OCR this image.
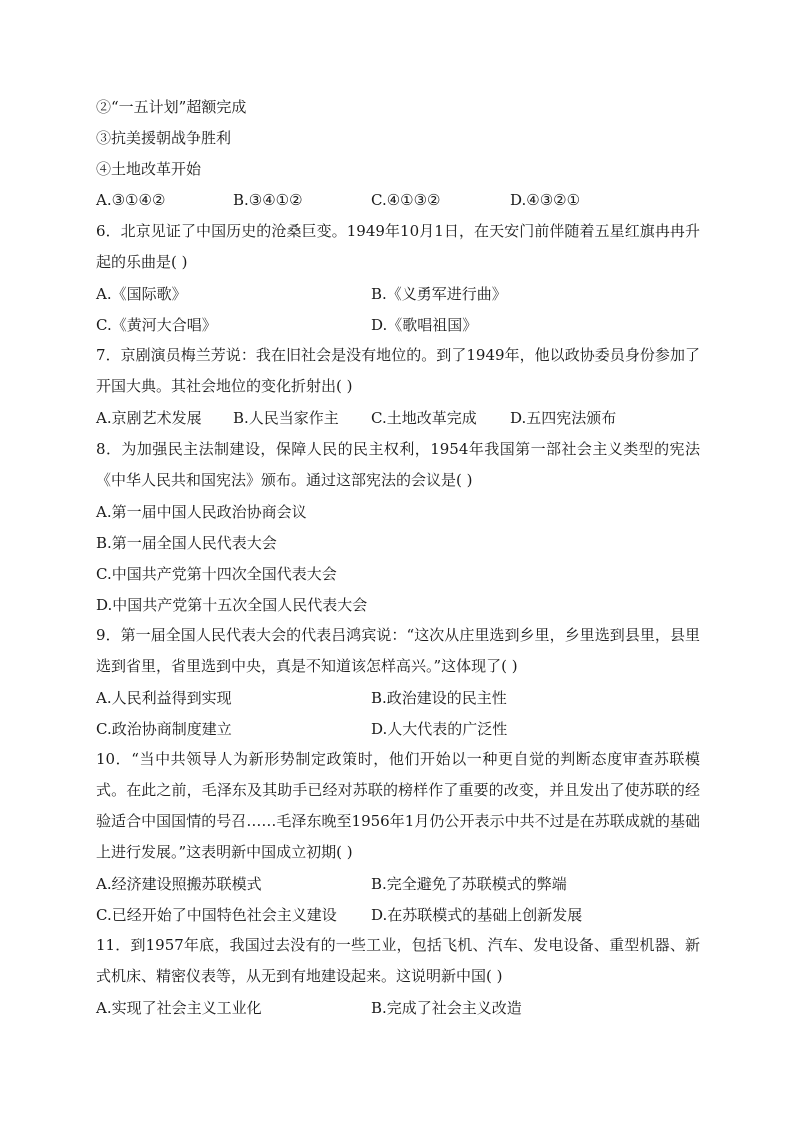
②“一五计划”超额完成
③抗美援朝战争胜利
④土地改革开始
A.③①④②	B.③④①②	C.④①③②	D.④③②①
6．北京见证了中国历史的沧桑巨变。1949年10月1日，在天安门前伴随着五星红旗冉冉升起的乐曲是( )
A.《国际歌》	B.《义勇军进行曲》
C.《黄河大合唱》	D.《歌唱祖国》
7．京剧演员梅兰芳说：我在旧社会是没有地位的。到了1949年，他以政协委员身份参加了开国大典。其社会地位的变化折射出( )
A.京剧艺术发展 B.人民当家作主 C.土地改革完成 D.五四宪法颁布
8．为加强民主法制建设，保障人民的民主权利，1954年我国第一部社会主义类型的宪法《中华人民共和国宪法》颁布。通过这部宪法的会议是( )
A.第一届中国人民政治协商会议
B.第一届全国人民代表大会
C.中国共产党第十四次全国代表大会
D.中国共产党第十五次全国人民代表大会
9．第一届全国人民代表大会的代表吕鸿宾说：“这次从庄里选到乡里，乡里选到县里，县里选到省里，省里选到中央，真是不知道该怎样高兴。”这体现了( )
A.人民利益得到实现	B.政治建设的民主性
C.政治协商制度建立	D.人大代表的广泛性
10．“当中共领导人为新形势制定政策时，他们开始以一种更自觉的判断态度审查苏联模式。在此之前，毛泽东及其助手已经对苏联的榜样作了重要的改变，并且发出了使苏联的经验适合中国国情的号召……毛泽东晚至1956年1月仍公开表示中共不过是在苏联成就的基础上进行发展。”这表明新中国成立初期( )
A.经济建设照搬苏联模式	B.完全避免了苏联模式的弊端
C.已经开始了中国特色社会主义建设 D.在苏联模式的基础上创新发展
11．到1957年底，我国过去没有的一些工业，包括飞机、汽车、发电设备、重型机器、新式机床、精密仪表等，从无到有地建设起来。这说明新中国( )
A.实现了社会主义工业化	B.完成了社会主义改造
